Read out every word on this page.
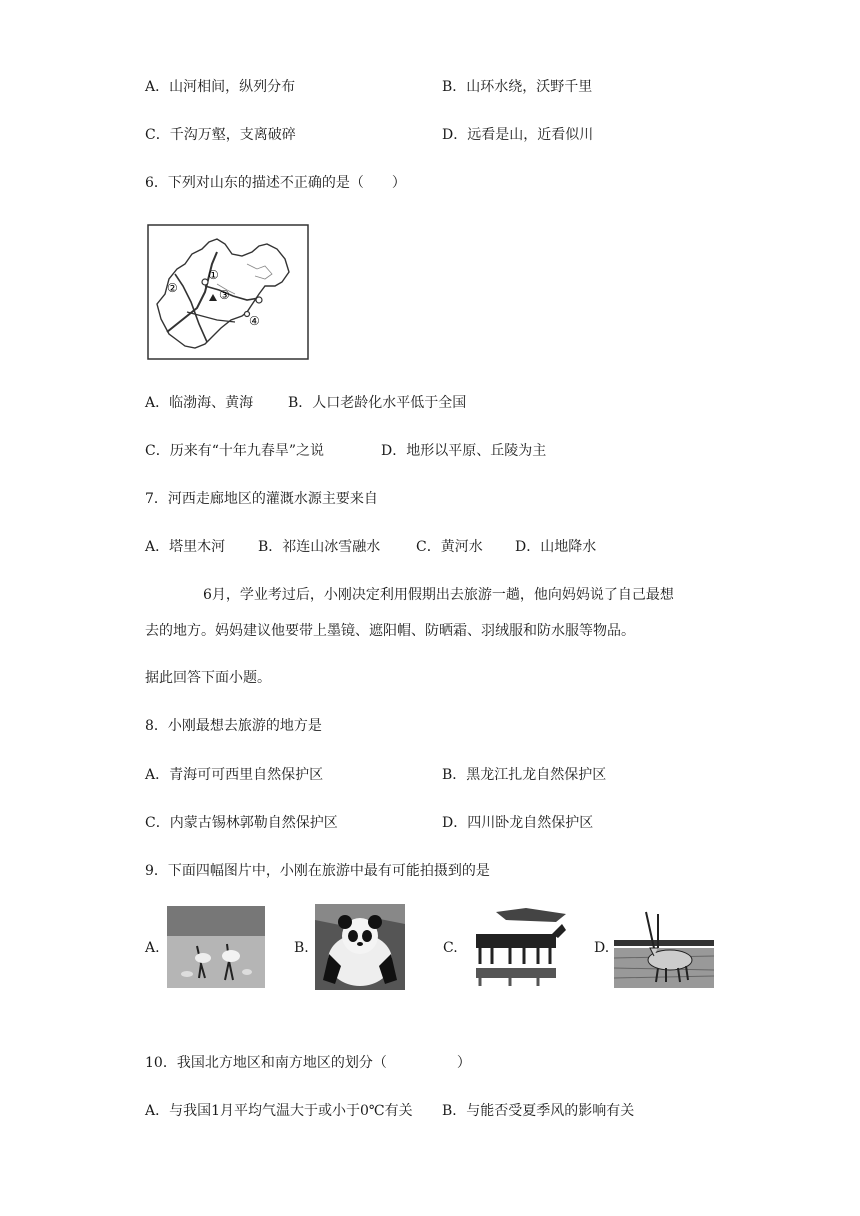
A．山河相间，纵列分布	B．山环水绕，沃野千里
C．千沟万壑，支离破碎	D．远看是山，近看似川
6．下列对山东的描述不正确的是（　　）
①
②	③
④
A．临渤海、黄海 B．人口老龄化水平低于全国
C．历来有“十年九春旱”之说	D．地形以平原、丘陵为主
7．河西走廊地区的灌溉水源主要来自
A．塔里木河 B．祁连山冰雪融水	C．黄河水 D．山地降水
6月，学业考过后，小刚决定利用假期出去旅游一趟，他向妈妈说了自己最想
去的地方。妈妈建议他要带上墨镜、遮阳帽、防晒霜、羽绒服和防水服等物品。
据此回答下面小题。
8．小刚最想去旅游的地方是
A．青海可可西里自然保护区	B．黑龙江扎龙自然保护区
C．内蒙古锡林郭勒自然保护区	D．四川卧龙自然保护区
9．下面四幅图片中，小刚在旅游中最有可能拍摄到的是
A.	B.	C.	D.
10．我国北方地区和南方地区的划分（　　　　　）
A．与我国1月平均气温大于或小于0℃有关 B．与能否受夏季风的影响有关
